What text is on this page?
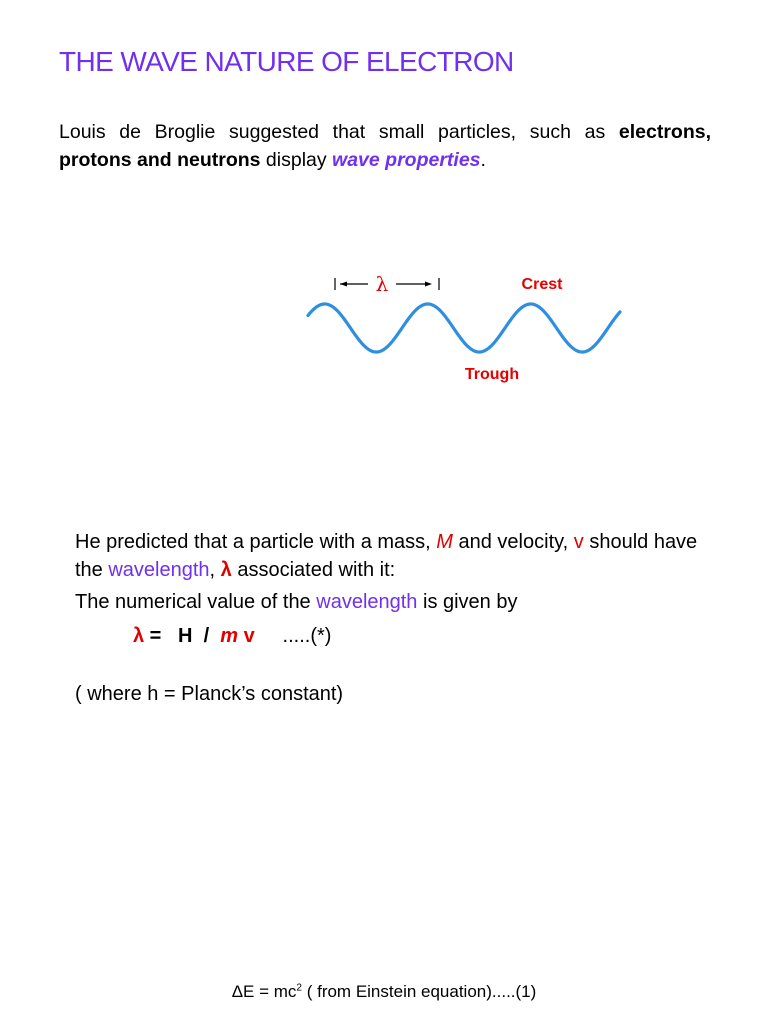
THE WAVE NATURE OF ELECTRON

Louis de Broglie suggested that small particles, such as electrons, protons and neutrons display wave properties.

λ	Crest
Trough

He predicted that a particle with a mass, M and velocity, v should have the wavelength, λ associated with it:

The numerical value of the wavelength is given by

λ =   H  /  m v     .....(*)

( where h = Planck’s constant)

$\Delta E = mc^2$ ( from Einstein equation).....(1)
